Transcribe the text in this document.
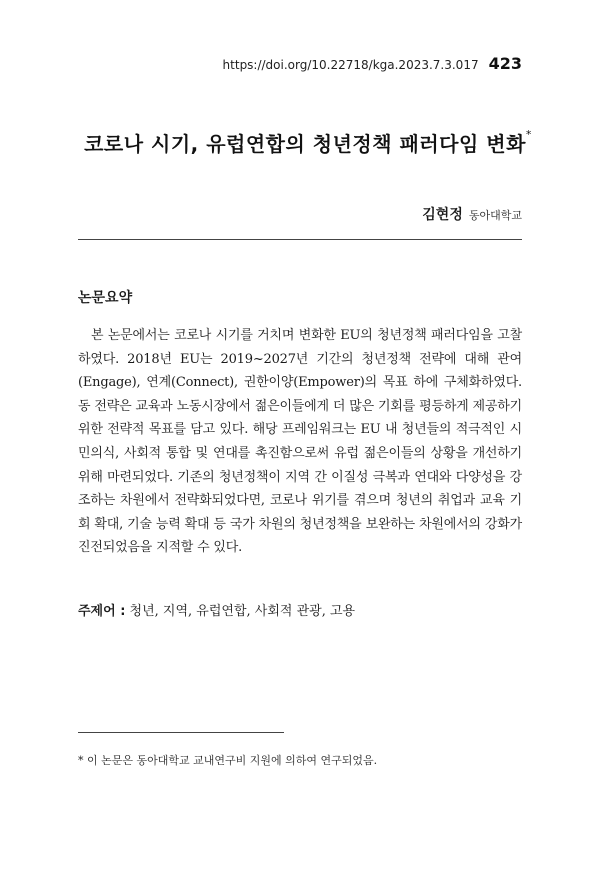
https://doi.org/10.22718/kga.2023.7.3.017 423
코로나 시기, 유럽연합의 청년정책 패러다임 변화*
김현정 동아대학교
논문요약

본 논문에서는 코로나 시기를 거치며 변화한 EU의 청년정책 패러다임을 고찰하였다. 2018년 EU는 2019~2027년 기간의 청년정책 전략에 대해 관여(Engage), 연계(Connect), 권한이양(Empower)의 목표 하에 구체화하였다. 동 전략은 교육과 노동시장에서 젊은이들에게 더 많은 기회를 평등하게 제공하기 위한 전략적 목표를 담고 있다. 해당 프레임워크는 EU 내 청년들의 적극적인 시민의식, 사회적 통합 및 연대를 촉진함으로써 유럽 젊은이들의 상황을 개선하기 위해 마련되었다. 기존의 청년정책이 지역 간 이질성 극복과 연대와 다양성을 강조하는 차원에서 전략화되었다면, 코로나 위기를 겪으며 청년의 취업과 교육 기회 확대, 기술 능력 확대 등 국가 차원의 청년정책을 보완하는 차원에서의 강화가 진전되었음을 지적할 수 있다.

주제어 : 청년, 지역, 유럽연합, 사회적 관광, 고용
* 이 논문은 동아대학교 교내연구비 지원에 의하여 연구되었음.
